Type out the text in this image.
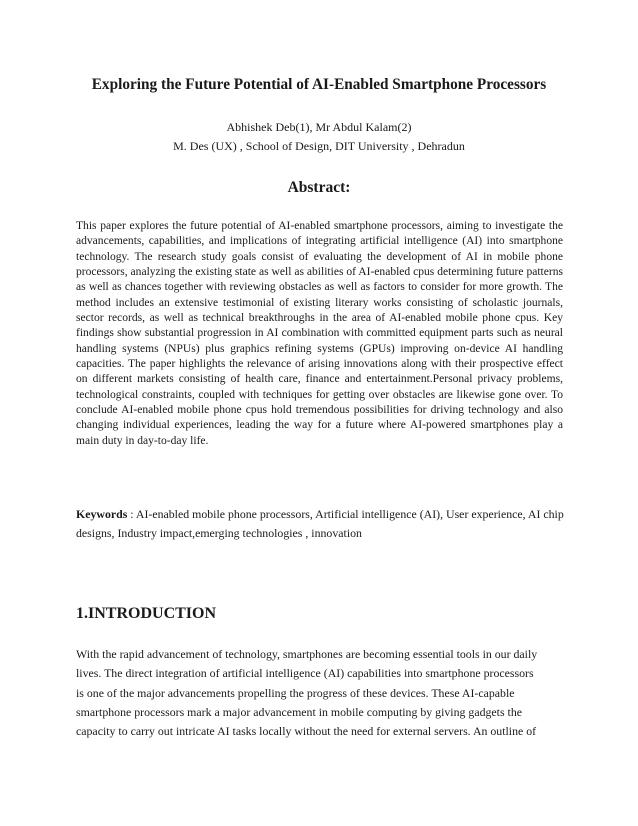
Exploring the Future Potential of AI-Enabled Smartphone Processors
Abhishek Deb(1), Mr Abdul Kalam(2)
M. Des (UX) , School of Design, DIT University , Dehradun
Abstract:

This paper explores the future potential of AI-enabled smartphone processors, aiming to investigate the advancements, capabilities, and implications of integrating artificial intelligence (AI) into smartphone technology. The research study goals consist of evaluating the development of AI in mobile phone processors, analyzing the existing state as well as abilities of AI-enabled cpus determining future patterns as well as chances together with reviewing obstacles as well as factors to consider for more growth. The method includes an extensive testimonial of existing literary works consisting of scholastic journals, sector records, as well as technical breakthroughs in the area of AI-enabled mobile phone cpus. Key findings show substantial progression in AI combination with committed equipment parts such as neural handling systems (NPUs) plus graphics refining systems (GPUs) improving on-device AI handling capacities. The paper highlights the relevance of arising innovations along with their prospective effect on different markets consisting of health care, finance and entertainment.Personal privacy problems, technological constraints, coupled with techniques for getting over obstacles are likewise gone over. To conclude AI-enabled mobile phone cpus hold tremendous possibilities for driving technology and also changing individual experiences, leading the way for a future where AI-powered smartphones play a main duty in day-to-day life.

Keywords : AI-enabled mobile phone processors, Artificial intelligence (AI), User experience, AI chip designs, Industry impact,emerging technologies , innovation

1.INTRODUCTION
With the rapid advancement of technology, smartphones are becoming essential tools in our daily
lives. The direct integration of artificial intelligence (AI) capabilities into smartphone processors
is one of the major advancements propelling the progress of these devices. These AI-capable
smartphone processors mark a major advancement in mobile computing by giving gadgets the
capacity to carry out intricate AI tasks locally without the need for external servers. An outline of
